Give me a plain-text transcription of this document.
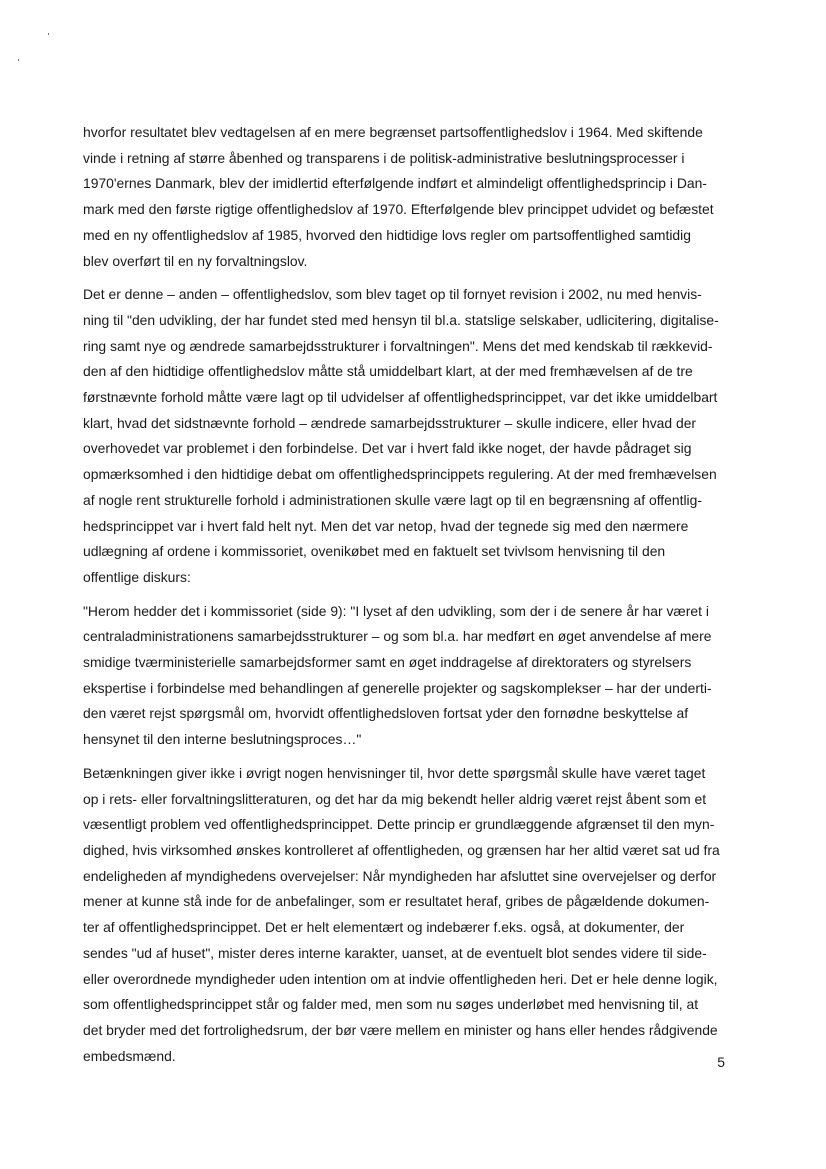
hvorfor resultatet blev vedtagelsen af en mere begrænset partsoffentlighedslov i 1964. Med skiftende
vinde i retning af større åbenhed og transparens i de politisk-administrative beslutningsprocesser i
1970'ernes Danmark, blev der imidlertid efterfølgende indført et almindeligt offentlighedsprincip i Dan-
mark med den første rigtige offentlighedslov af 1970. Efterfølgende blev princippet udvidet og befæstet
med en ny offentlighedslov af 1985, hvorved den hidtidige lovs regler om partsoffentlighed samtidig
blev overført til en ny forvaltningslov.

Det er denne – anden – offentlighedslov, som blev taget op til fornyet revision i 2002, nu med henvis-
ning til "den udvikling, der har fundet sted med hensyn til bl.a. statslige selskaber, udlicitering, digitalise-
ring samt nye og ændrede samarbejdsstrukturer i forvaltningen". Mens det med kendskab til rækkevid-
den af den hidtidige offentlighedslov måtte stå umiddelbart klart, at der med fremhævelsen af de tre
førstnævnte forhold måtte være lagt op til udvidelser af offentlighedsprincippet, var det ikke umiddelbart
klart, hvad det sidstnævnte forhold – ændrede samarbejdsstrukturer – skulle indicere, eller hvad der
overhovedet var problemet i den forbindelse. Det var i hvert fald ikke noget, der havde pådraget sig
opmærksomhed i den hidtidige debat om offentlighedsprincippets regulering. At der med fremhævelsen
af nogle rent strukturelle forhold i administrationen skulle være lagt op til en begrænsning af offentlig-
hedsprincippet var i hvert fald helt nyt. Men det var netop, hvad der tegnede sig med den nærmere
udlægning af ordene i kommissoriet, ovenikøbet med en faktuelt set tvivlsom henvisning til den
offentlige diskurs:

"Herom hedder det i kommissoriet (side 9): "I lyset af den udvikling, som der i de senere år har været i
centraladministrationens samarbejdsstrukturer – og som bl.a. har medført en øget anvendelse af mere
smidige tværministerielle samarbejdsformer samt en øget inddragelse af direktoraters og styrelsers
ekspertise i forbindelse med behandlingen af generelle projekter og sagskomplekser – har der underti-
den været rejst spørgsmål om, hvorvidt offentlighedsloven fortsat yder den fornødne beskyttelse af
hensynet til den interne beslutningsproces…"

Betænkningen giver ikke i øvrigt nogen henvisninger til, hvor dette spørgsmål skulle have været taget
op i rets- eller forvaltningslitteraturen, og det har da mig bekendt heller aldrig været rejst åbent som et
væsentligt problem ved offentlighedsprincippet. Dette princip er grundlæggende afgrænset til den myn-
dighed, hvis virksomhed ønskes kontrolleret af offentligheden, og grænsen har her altid været sat ud fra
endeligheden af myndighedens overvejelser: Når myndigheden har afsluttet sine overvejelser og derfor
mener at kunne stå inde for de anbefalinger, som er resultatet heraf, gribes de pågældende dokumen-
ter af offentlighedsprincippet. Det er helt elementært og indebærer f.eks. også, at dokumenter, der
sendes "ud af huset", mister deres interne karakter, uanset, at de eventuelt blot sendes videre til side-
eller overordnede myndigheder uden intention om at indvie offentligheden heri. Det er hele denne logik,
som offentlighedsprincippet står og falder med, men som nu søges underløbet med henvisning til, at
det bryder med det fortrolighedsrum, der bør være mellem en minister og hans eller hendes rådgivende
embedsmænd.	5
